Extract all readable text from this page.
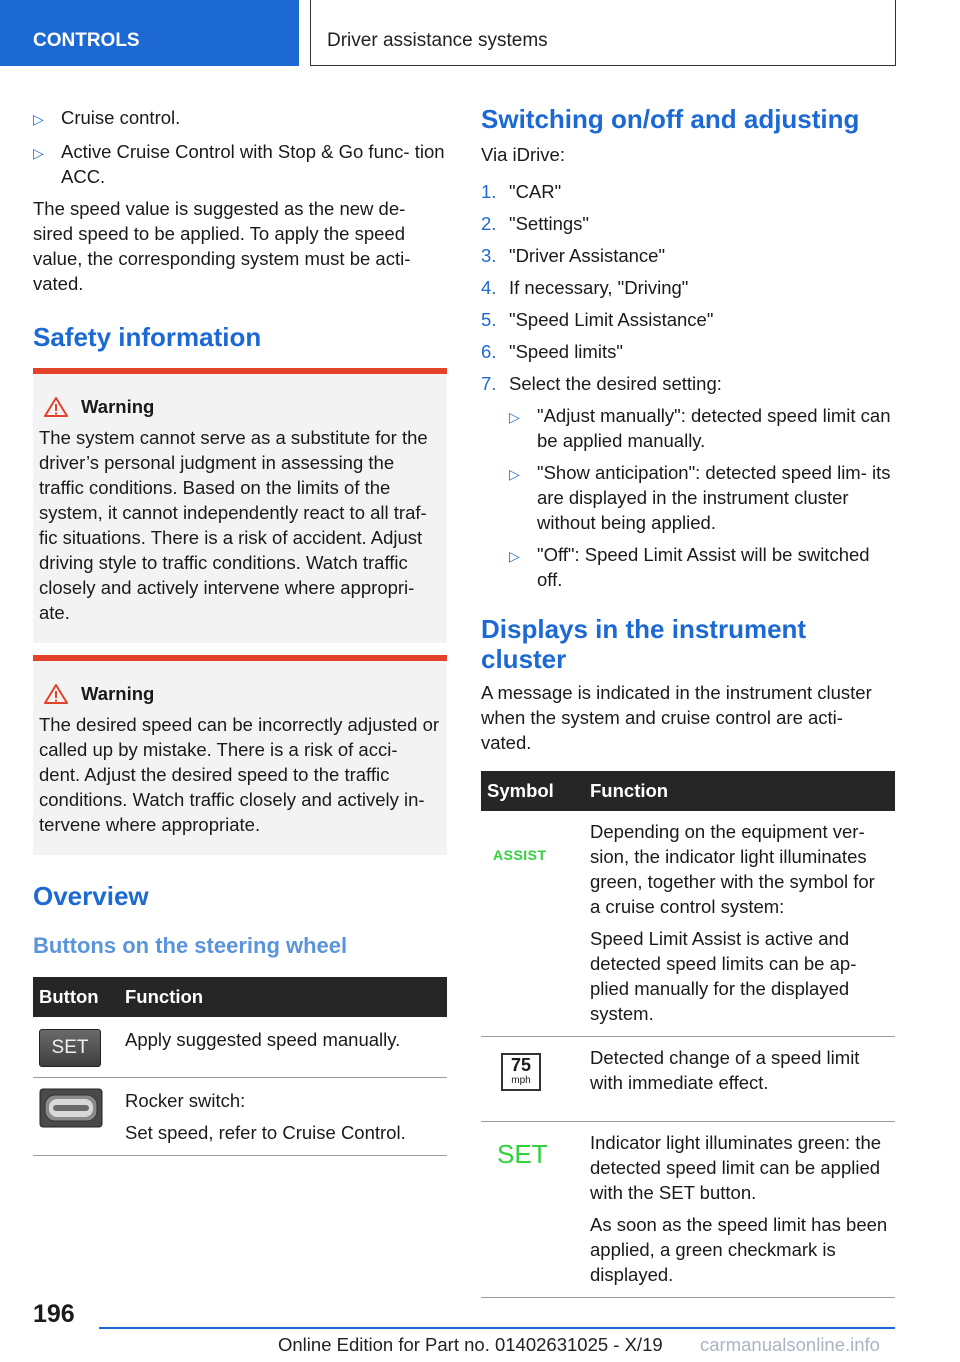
CONTROLS	Driver assistance systems
▷ Cruise control.
▷ Active Cruise Control with Stop & Go func- tion ACC.

The speed value is suggested as the new de- sired speed to be applied. To apply the speed value, the corresponding system must be acti- vated.

Safety information
Warning
The system cannot serve as a substitute for the driver’s personal judgment in assessing the traffic conditions. Based on the limits of the system, it cannot independently react to all traf- fic situations. There is a risk of accident. Adjust driving style to traffic conditions. Watch traffic closely and actively intervene where appropri- ate.
Warning
The desired speed can be incorrectly adjusted or called up by mistake. There is a risk of acci- dent. Adjust the desired speed to the traffic conditions. Watch traffic closely and actively in- tervene where appropriate.
Overview
Buttons on the steering wheel
Button	Function

SET	Apply suggested speed manually.

Rocker switch:

Set speed, refer to Cruise Control.

Switching on/off and adjusting

Via iDrive:

1. "CAR"
2. "Settings"
3. "Driver Assistance"
4. If necessary, "Driving"
5. "Speed Limit Assistance"
6. "Speed limits"
7. Select the desired setting:
▷ "Adjust manually": detected speed limit can be applied manually.
▷ "Show anticipation": detected speed lim- its are displayed in the instrument cluster without being applied.
▷ "Off": Speed Limit Assist will be switched off.
Displays in the instrument cluster

A message is indicated in the instrument cluster when the system and cruise control are acti- vated.

Symbol	Function
ASSIST	Depending on the equipment ver- sion, the indicator light illuminates green, together with the symbol for a cruise control system:

Speed Limit Assist is active and detected speed limits can be ap- plied manually for the displayed system.

75
mph	Detected change of a speed limit with immediate effect.

SET	Indicator light illuminates green: the detected speed limit can be applied with the SET button.

As soon as the speed limit has been applied, a green checkmark is displayed.

196
Online Edition for Part no. 01402631025 - X/19 carmanualsonline.info
